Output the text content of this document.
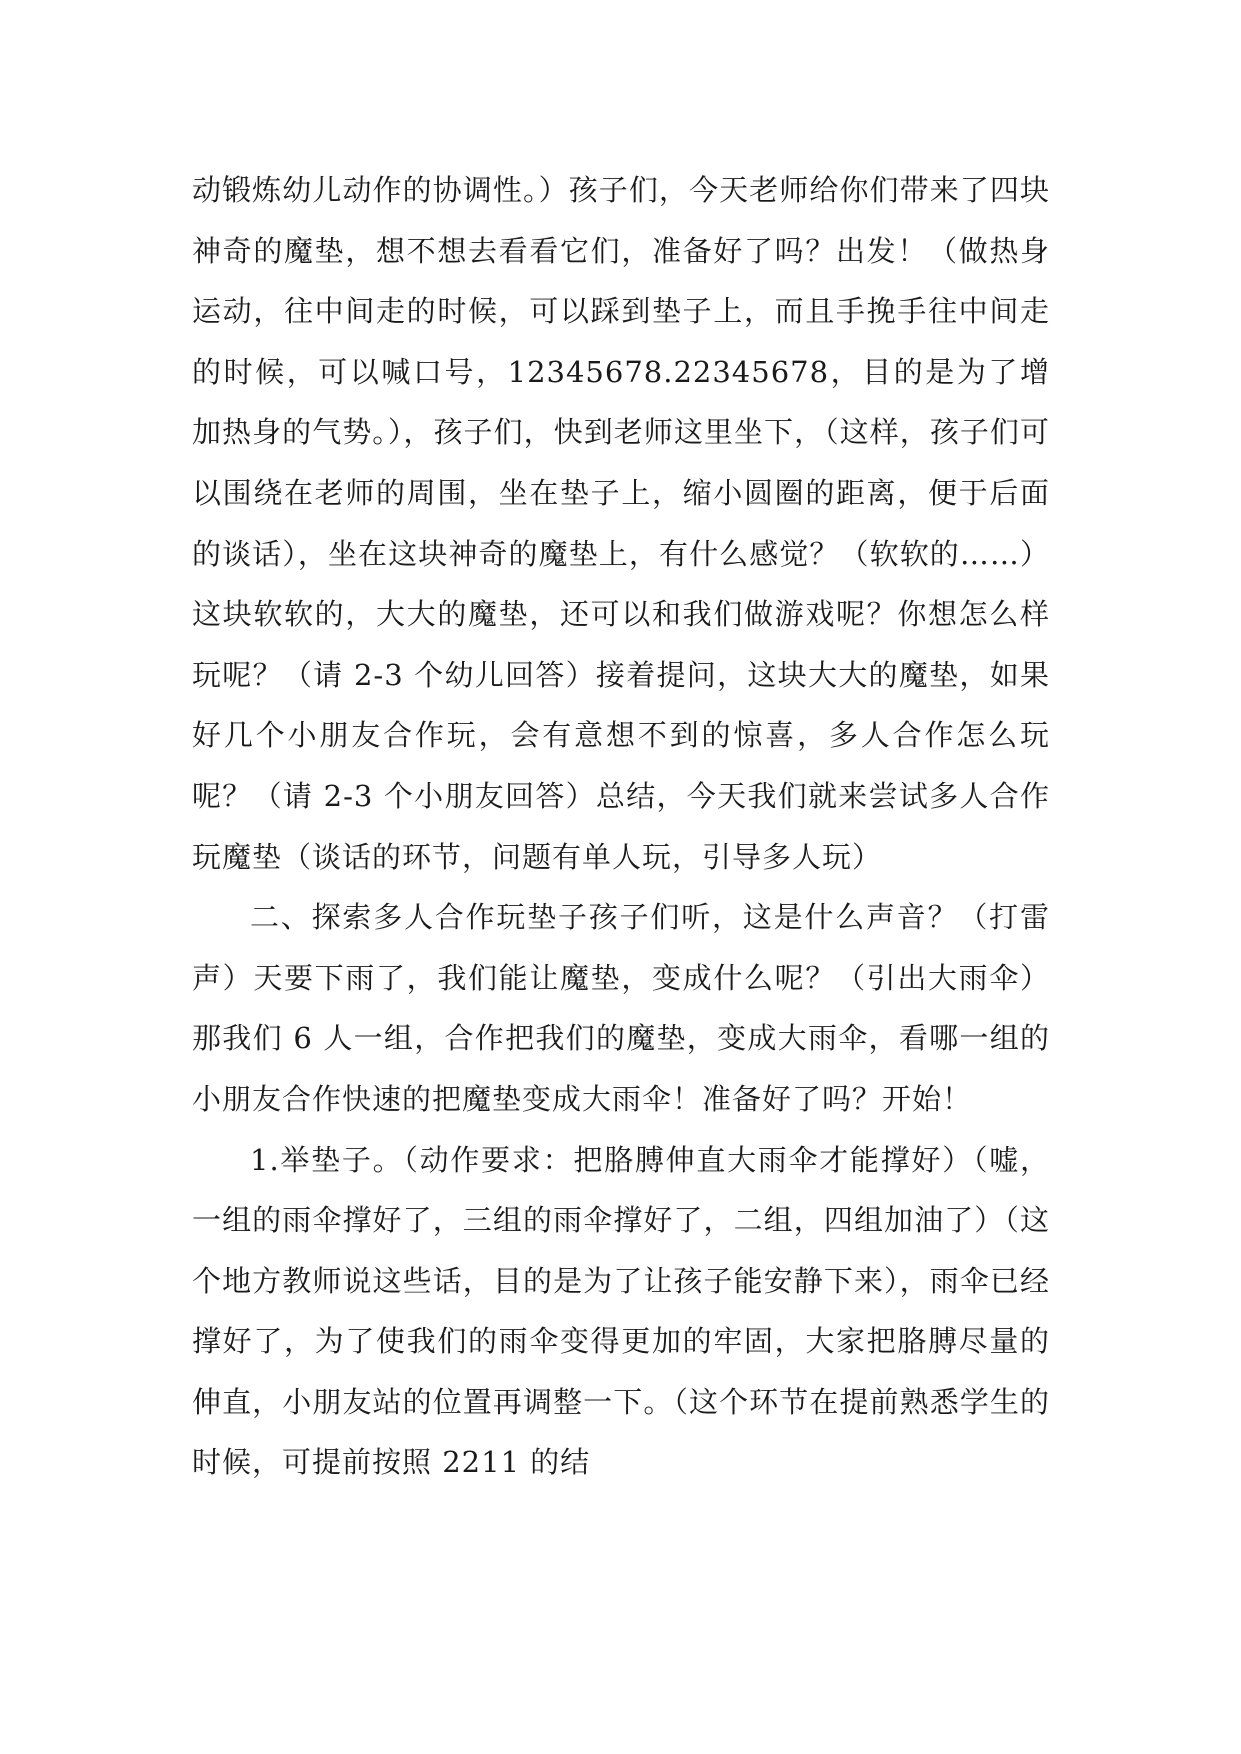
动锻炼幼儿动作的协调性。）孩子们，今天老师给你们带来了四块神奇的魔垫，想不想去看看它们，准备好了吗？出发！（做热身运动，往中间走的时候，可以踩到垫子上，而且手挽手往中间走的时候，可以喊口号，12345678.22345678，目的是为了增加热身的气势。），孩子们，快到老师这里坐下，（这样，孩子们可以围绕在老师的周围，坐在垫子上，缩小圆圈的距离，便于后面的谈话），坐在这块神奇的魔垫上，有什么感觉？（软软的……）这块软软的，大大的魔垫，还可以和我们做游戏呢？你想怎么样玩呢？（请 2-3 个幼儿回答）接着提问，这块大大的魔垫，如果好几个小朋友合作玩，会有意想不到的惊喜，多人合作怎么玩呢？（请 2-3 个小朋友回答）总结，今天我们就来尝试多人合作玩魔垫（谈话的环节，问题有单人玩，引导多人玩）

二、探索多人合作玩垫子孩子们听，这是什么声音？（打雷声）天要下雨了，我们能让魔垫，变成什么呢？（引出大雨伞）那我们 6 人一组，合作把我们的魔垫，变成大雨伞，看哪一组的小朋友合作快速的把魔垫变成大雨伞！准备好了吗？开始！

1.举垫子。（动作要求：把胳膊伸直大雨伞才能撑好）（嘘，一组的雨伞撑好了，三组的雨伞撑好了，二组，四组加油了）（这个地方教师说这些话，目的是为了让孩子能安静下来），雨伞已经撑好了，为了使我们的雨伞变得更加的牢固，大家把胳膊尽量的伸直，小朋友站的位置再调整一下。（这个环节在提前熟悉学生的时候，可提前按照 2211 的结
